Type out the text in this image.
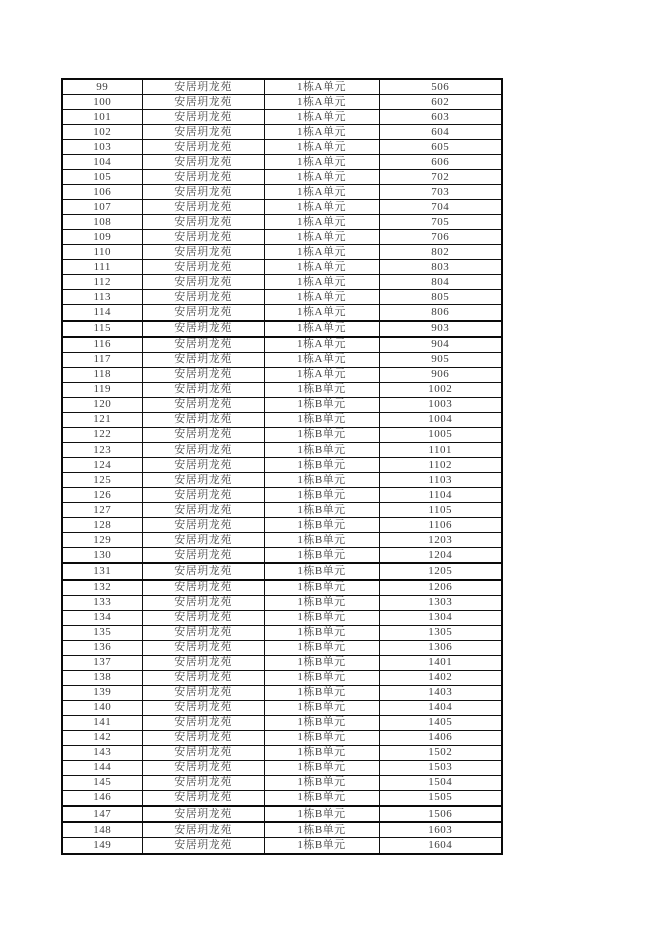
99	安居玥龙苑	1栋A单元	506
100	安居玥龙苑	1栋A单元	602
101	安居玥龙苑	1栋A单元	603
102	安居玥龙苑	1栋A单元	604
103	安居玥龙苑	1栋A单元	605
104	安居玥龙苑	1栋A单元	606
105	安居玥龙苑	1栋A单元	702
106	安居玥龙苑	1栋A单元	703
107	安居玥龙苑	1栋A单元	704
108	安居玥龙苑	1栋A单元	705
109	安居玥龙苑	1栋A单元	706
110	安居玥龙苑	1栋A单元	802
111	安居玥龙苑	1栋A单元	803
112	安居玥龙苑	1栋A单元	804
113	安居玥龙苑	1栋A单元	805
114	安居玥龙苑	1栋A单元	806
115	安居玥龙苑	1栋A单元	903
116	安居玥龙苑	1栋A单元	904
117	安居玥龙苑	1栋A单元	905
118	安居玥龙苑	1栋A单元	906
119	安居玥龙苑	1栋B单元	1002
120	安居玥龙苑	1栋B单元	1003
121	安居玥龙苑	1栋B单元	1004
122	安居玥龙苑	1栋B单元	1005
123	安居玥龙苑	1栋B单元	1101
124	安居玥龙苑	1栋B单元	1102
125	安居玥龙苑	1栋B单元	1103
126	安居玥龙苑	1栋B单元	1104
127	安居玥龙苑	1栋B单元	1105
128	安居玥龙苑	1栋B单元	1106
129	安居玥龙苑	1栋B单元	1203
130	安居玥龙苑	1栋B单元	1204
131	安居玥龙苑	1栋B单元	1205
132	安居玥龙苑	1栋B单元	1206
133	安居玥龙苑	1栋B单元	1303
134	安居玥龙苑	1栋B单元	1304
135	安居玥龙苑	1栋B单元	1305
136	安居玥龙苑	1栋B单元	1306
137	安居玥龙苑	1栋B单元	1401
138	安居玥龙苑	1栋B单元	1402
139	安居玥龙苑	1栋B单元	1403
140	安居玥龙苑	1栋B单元	1404
141	安居玥龙苑	1栋B单元	1405
142	安居玥龙苑	1栋B单元	1406
143	安居玥龙苑	1栋B单元	1502
144	安居玥龙苑	1栋B单元	1503
145	安居玥龙苑	1栋B单元	1504
146	安居玥龙苑	1栋B单元	1505
147	安居玥龙苑	1栋B单元	1506
148	安居玥龙苑	1栋B单元	1603
149	安居玥龙苑	1栋B单元	1604
